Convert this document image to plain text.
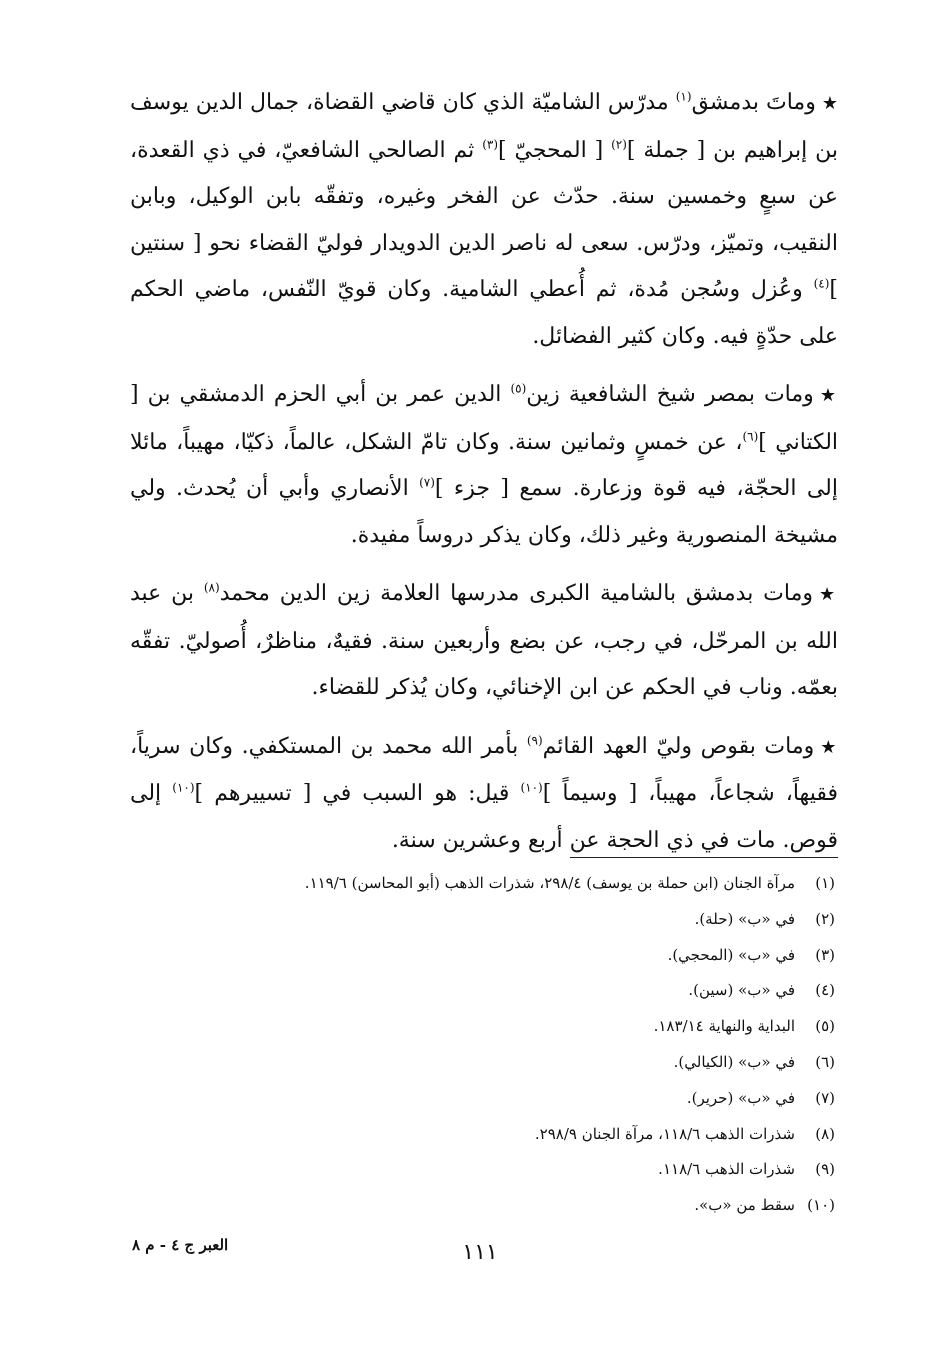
★وماتَ بدمشق$^{(١)}$ مدرّس الشاميّة الذي كان قاضي القضاة، جمال الدين يوسف بن إبراهيم بن [ جملة ]$^{(٢)}$ [ المحجيّ ]$^{(٣)}$ ثم الصالحي الشافعيّ، في ذي القعدة، عن سبعٍ وخمسين سنة. حدّث عن الفخر وغيره، وتفقّه بابن الوكيل، وبابن النقيب، وتميّز، ودرّس. سعى له ناصر الدين الدويدار فوليّ القضاء نحو [ سنتين ]$^{(٤)}$ وعُزل وسُجن مُدة، ثم أُعطي الشامية. وكان قويّ النّفس، ماضي الحكم على حدّةٍ فيه. وكان كثير الفضائل.

★ومات بمصر شيخ الشافعية زين$^{(٥)}$ الدين عمر بن أبي الحزم الدمشقي بن [ الكتاني ]$^{(٦)}$، عن خمسٍ وثمانين سنة. وكان تامّ الشكل، عالماً، ذكيّا، مهيباً، مائلا إلى الحجّة، فيه قوة وزعارة. سمع [ جزء ]$^{(٧)}$ الأنصاري وأبي أن يُحدث. ولي مشيخة المنصورية وغير ذلك، وكان يذكر دروساً مفيدة.

★ومات بدمشق بالشامية الكبرى مدرسها العلامة زين الدين محمد$^{(٨)}$ بن عبد الله بن المرحّل، في رجب، عن بضع وأربعين سنة. فقيهٌ، مناظرٌ، أُصوليّ. تفقّه بعمّه. وناب في الحكم عن ابن الإخنائي، وكان يُذكر للقضاء.

★ومات بقوص وليّ العهد القائم$^{(٩)}$ بأمر الله محمد بن المستكفي. وكان سرياً، فقيهاً، شجاعاً، مهيباً، [ وسيماً ]$^{(١٠)}$ قيل: هو السبب في [ تسييرهم ]$^{(١٠)}$ إلى قوص. مات في ذي الحجة عن أربع وعشرين سنة.

(١)مرآة الجنان (ابن حملة بن يوسف) ٢٩٨/٤، شذرات الذهب (أبو المحاسن) ١١٩/٦.
(٢)في «ب» (حلة).
(٣)في «ب» (المحجي).
(٤)في «ب» (سين).
(٥)البداية والنهاية ١٨٣/١٤.
(٦)في «ب» (الكيالي).
(٧)في «ب» (حرير).
(٨)شذرات الذهب ١١٨/٦، مرآة الجنان ٢٩٨/٩.
(٩)شذرات الذهب ١١٨/٦.
(١٠)سقط من «ب».
١١١
العبر ج ٤ - م ٨
